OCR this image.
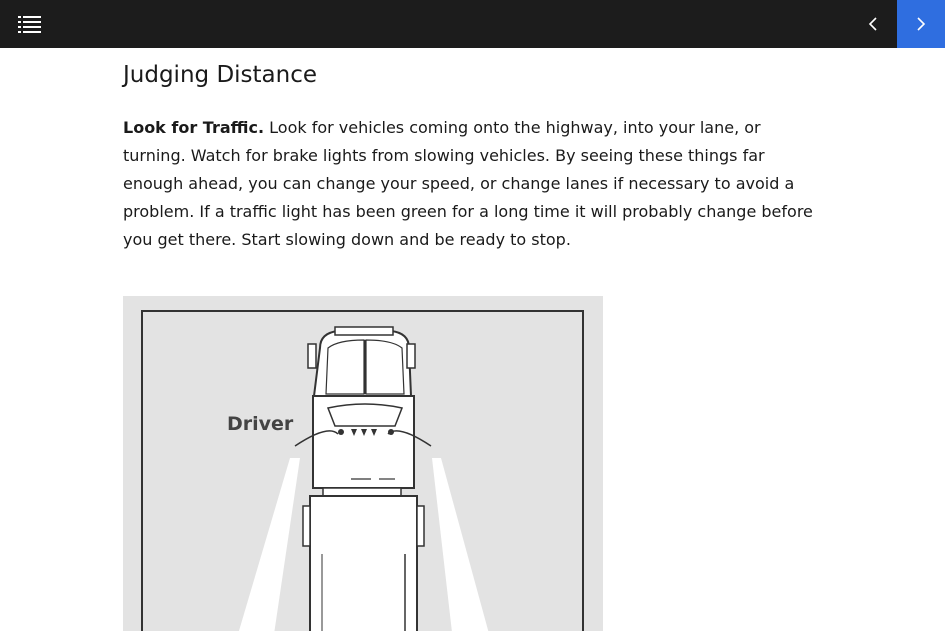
Judging Distance

Look for Traffic. Look for vehicles coming onto the highway, into your lane, or turning. Watch for brake lights from slowing vehicles. By seeing these things far enough ahead, you can change your speed, or change lanes if necessary to avoid a problem. If a traffic light has been green for a long time it will probably change before you get there. Start slowing down and be ready to stop.

Driver
